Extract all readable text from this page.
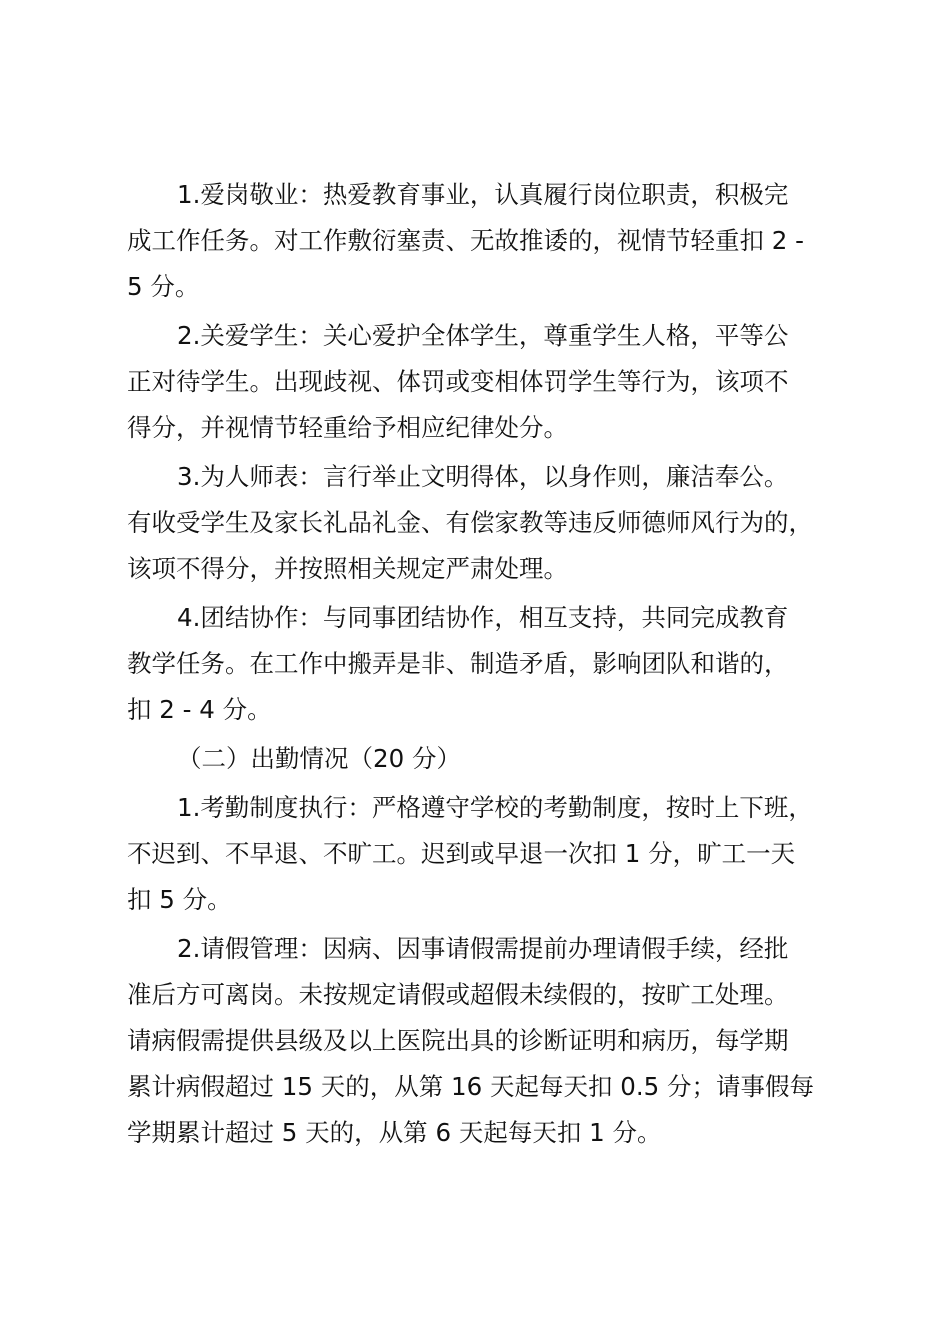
1.爱岗敬业：热爱教育事业，认真履行岗位职责，积极完
成工作任务。对工作敷衍塞责、无故推诿的，视情节轻重扣 2 -
5 分。
2.关爱学生：关心爱护全体学生，尊重学生人格，平等公
正对待学生。出现歧视、体罚或变相体罚学生等行为，该项不
得分，并视情节轻重给予相应纪律处分。
3.为人师表：言行举止文明得体，以身作则，廉洁奉公。
有收受学生及家长礼品礼金、有偿家教等违反师德师风行为的，
该项不得分，并按照相关规定严肃处理。
4.团结协作：与同事团结协作，相互支持，共同完成教育
教学任务。在工作中搬弄是非、制造矛盾，影响团队和谐的，
扣 2 - 4 分。
（二）出勤情况（20 分）
1.考勤制度执行：严格遵守学校的考勤制度，按时上下班，
不迟到、不早退、不旷工。迟到或早退一次扣 1 分，旷工一天
扣 5 分。
2.请假管理：因病、因事请假需提前办理请假手续，经批
准后方可离岗。未按规定请假或超假未续假的，按旷工处理。
请病假需提供县级及以上医院出具的诊断证明和病历，每学期
累计病假超过 15 天的，从第 16 天起每天扣 0.5 分；请事假每
学期累计超过 5 天的，从第 6 天起每天扣 1 分。
